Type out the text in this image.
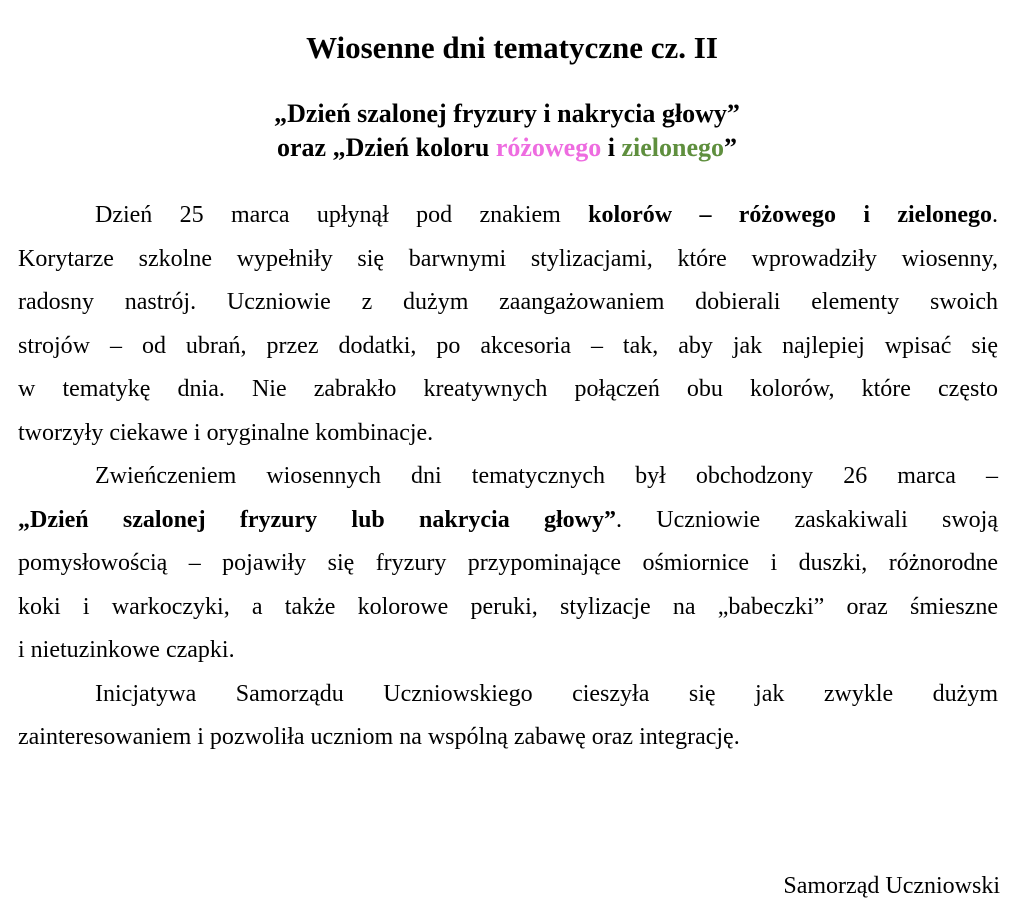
Wiosenne dni tematyczne cz. II
„Dzień szalonej fryzury i nakrycia głowy”
oraz „Dzień koloru różowego i zielonego”
Dzień 25 marca upłynął pod znakiem kolorów – różowego i zielonego.
Korytarze szkolne wypełniły się barwnymi stylizacjami, które wprowadziły wiosenny,
radosny nastrój. Uczniowie z dużym zaangażowaniem dobierali elementy swoich
strojów – od ubrań, przez dodatki, po akcesoria – tak, aby jak najlepiej wpisać się
w tematykę dnia. Nie zabrakło kreatywnych połączeń obu kolorów, które często
tworzyły ciekawe i oryginalne kombinacje.
Zwieńczeniem wiosennych dni tematycznych był obchodzony 26 marca –
„Dzień szalonej fryzury lub nakrycia głowy”. Uczniowie zaskakiwali swoją
pomysłowością – pojawiły się fryzury przypominające ośmiornice i duszki, różnorodne
koki i warkoczyki, a także kolorowe peruki, stylizacje na „babeczki” oraz śmieszne
i nietuzinkowe czapki.
Inicjatywa Samorządu Uczniowskiego cieszyła się jak zwykle dużym
zainteresowaniem i pozwoliła uczniom na wspólną zabawę oraz integrację.
Samorząd Uczniowski
